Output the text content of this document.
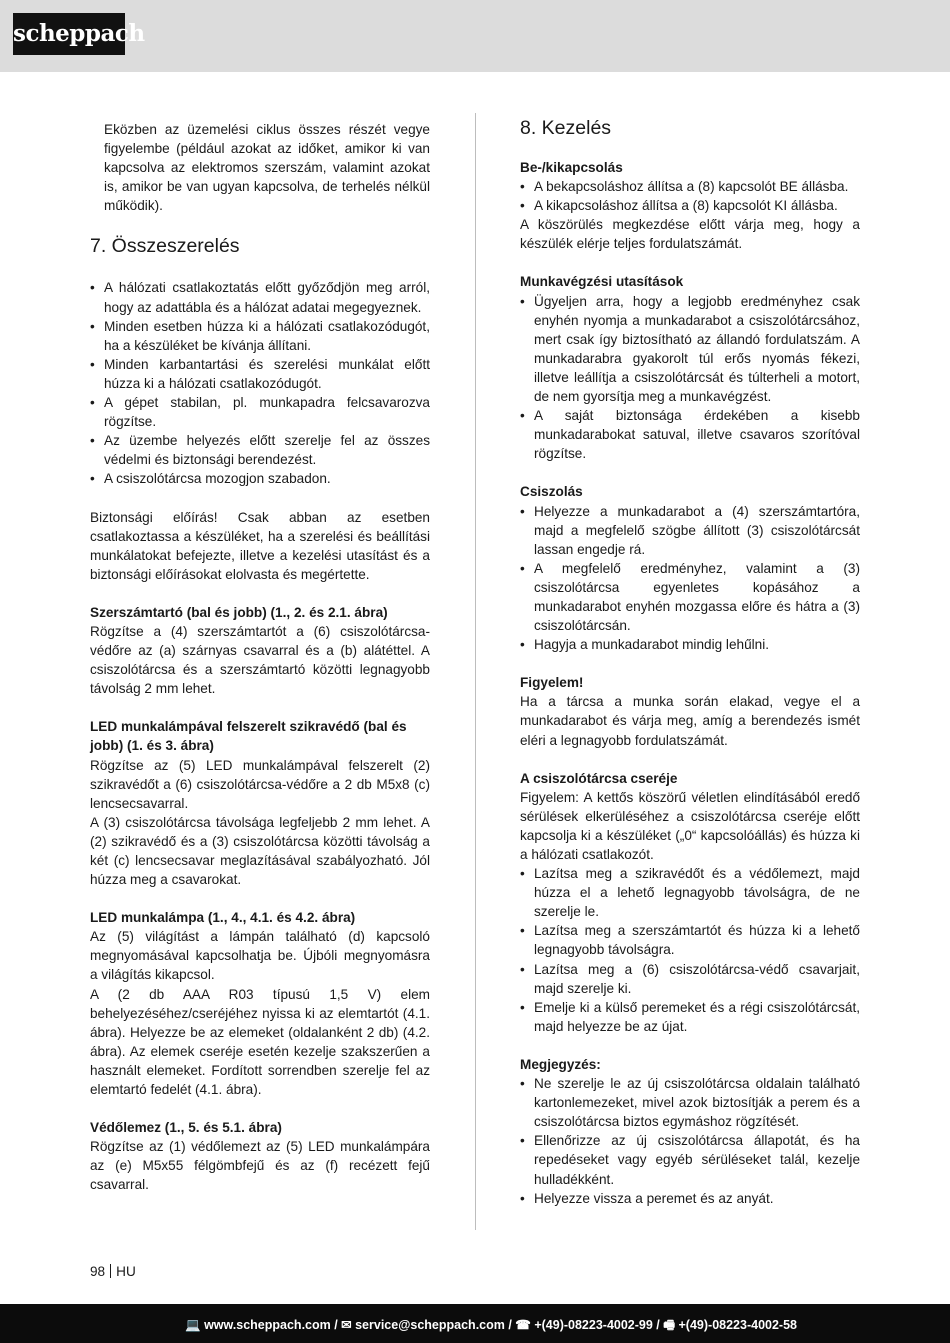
scheppach

Eközben az üzemelési ciklus összes részét vegye figyelembe (például azokat az időket, amikor ki van kapcsolva az elektromos szerszám, valamint azokat is, amikor be van ugyan kapcsolva, de terhelés nélkül működik).

7. Összeszerelés
• A hálózati csatlakoztatás előtt győződjön meg arról, hogy az adattábla és a hálózat adatai megegyeznek.
• Minden esetben húzza ki a hálózati csatlakozódugót, ha a készüléket be kívánja állítani.
• Minden karbantartási és szerelési munkálat előtt húzza ki a hálózati csatlakozódugót.
• A gépet stabilan, pl. munkapadra felcsavarozva rögzítse.
• Az üzembe helyezés előtt szerelje fel az összes védelmi és biztonsági berendezést.
• A csiszolótárcsa mozogjon szabadon.

Biztonsági előírás! Csak abban az esetben csatlakoztassa a készüléket, ha a szerelési és beállítási munkálatokat befejezte, illetve a kezelési utasítást és a biztonsági előírásokat elolvasta és megértette.

Szerszámtartó (bal és jobb) (1., 2. és 2.1. ábra)

Rögzítse a (4) szerszámtartót a (6) csiszolótárcsa-védőre az (a) szárnyas csavarral és a (b) alátéttel. A csiszolótárcsa és a szerszámtartó közötti legnagyobb távolság 2 mm lehet.

LED munkalámpával felszerelt szikravédő (bal és jobb) (1. és 3. ábra)

Rögzítse az (5) LED munkalámpával felszerelt (2) szikravédőt a (6) csiszolótárcsa-védőre a 2 db M5x8 (c) lencsecsavarral.

A (3) csiszolótárcsa távolsága legfeljebb 2 mm lehet. A (2) szikravédő és a (3) csiszolótárcsa közötti távolság a két (c) lencsecsavar meglazításával szabályozható. Jól húzza meg a csavarokat.

LED munkalámpa (1., 4., 4.1. és 4.2. ábra)

Az (5) világítást a lámpán található (d) kapcsoló megnyomásával kapcsolhatja be. Újbóli megnyomásra a világítás kikapcsol.

A (2 db AAA R03 típusú 1,5 V) elem behelyezéséhez/cseréjéhez nyissa ki az elemtartót (4.1. ábra). Helyezze be az elemeket (oldalanként 2 db) (4.2. ábra). Az elemek cseréje esetén kezelje szakszerűen a használt elemeket. Fordított sorrendben szerelje fel az elemtartó fedelét (4.1. ábra).

Védőlemez (1., 5. és 5.1. ábra)

Rögzítse az (1) védőlemezt az (5) LED munkalámpára az (e) M5x55 félgömbfejű és az (f) recézett fejű csavarral.

8. Kezelés
Be-/kikapcsolás
• A bekapcsoláshoz állítsa a (8) kapcsolót BE állásba.
• A kikapcsoláshoz állítsa a (8) kapcsolót KI állásba.

A köszörülés megkezdése előtt várja meg, hogy a készülék elérje teljes fordulatszámát.

Munkavégzési utasítások
• Ügyeljen arra, hogy a legjobb eredményhez csak enyhén nyomja a munkadarabot a csiszolótárcsához, mert csak így biztosítható az állandó fordulatszám. A munkadarabra gyakorolt túl erős nyomás fékezi, illetve leállítja a csiszolótárcsát és túlterheli a motort, de nem gyorsítja meg a munkavégzést.
• A saját biztonsága érdekében a kisebb munkadarabokat satuval, illetve csavaros szorítóval rögzítse.
Csiszolás
• Helyezze a munkadarabot a (4) szerszámtartóra, majd a megfelelő szögbe állított (3) csiszolótárcsát lassan engedje rá.
• A megfelelő eredményhez, valamint a (3) csiszolótárcsa egyenletes kopásához a munkadarabot enyhén mozgassa előre és hátra a (3) csiszolótárcsán.
• Hagyja a munkadarabot mindig lehűlni.
Figyelem!

Ha a tárcsa a munka során elakad, vegye el a munkadarabot és várja meg, amíg a berendezés ismét eléri a legnagyobb fordulatszámát.

A csiszolótárcsa cseréje

Figyelem: A kettős köszörű véletlen elindításából eredő sérülések elkerüléséhez a csiszolótárcsa cseréje előtt kapcsolja ki a készüléket („0“ kapcsolóállás) és húzza ki a hálózati csatlakozót.

• Lazítsa meg a szikravédőt és a védőlemezt, majd húzza el a lehető legnagyobb távolságra, de ne szerelje le.
• Lazítsa meg a szerszámtartót és húzza ki a lehető legnagyobb távolságra.
• Lazítsa meg a (6) csiszolótárcsa-védő csavarjait, majd szerelje ki.
• Emelje ki a külső peremeket és a régi csiszolótárcsát, majd helyezze be az újat.
Megjegyzés:
• Ne szerelje le az új csiszolótárcsa oldalain található kartonlemezeket, mivel azok biztosítják a perem és a csiszolótárcsa biztos egymáshoz rögzítését.
• Ellenőrizze az új csiszolótárcsa állapotát, és ha repedéseket vagy egyéb sérüléseket talál, kezelje hulladékként.
• Helyezze vissza a peremet és az anyát.
98 HU
💻 www.scheppach.com / ✉ service@scheppach.com / ☎ +(49)-08223-4002-99 / 🖷 +(49)-08223-4002-58
